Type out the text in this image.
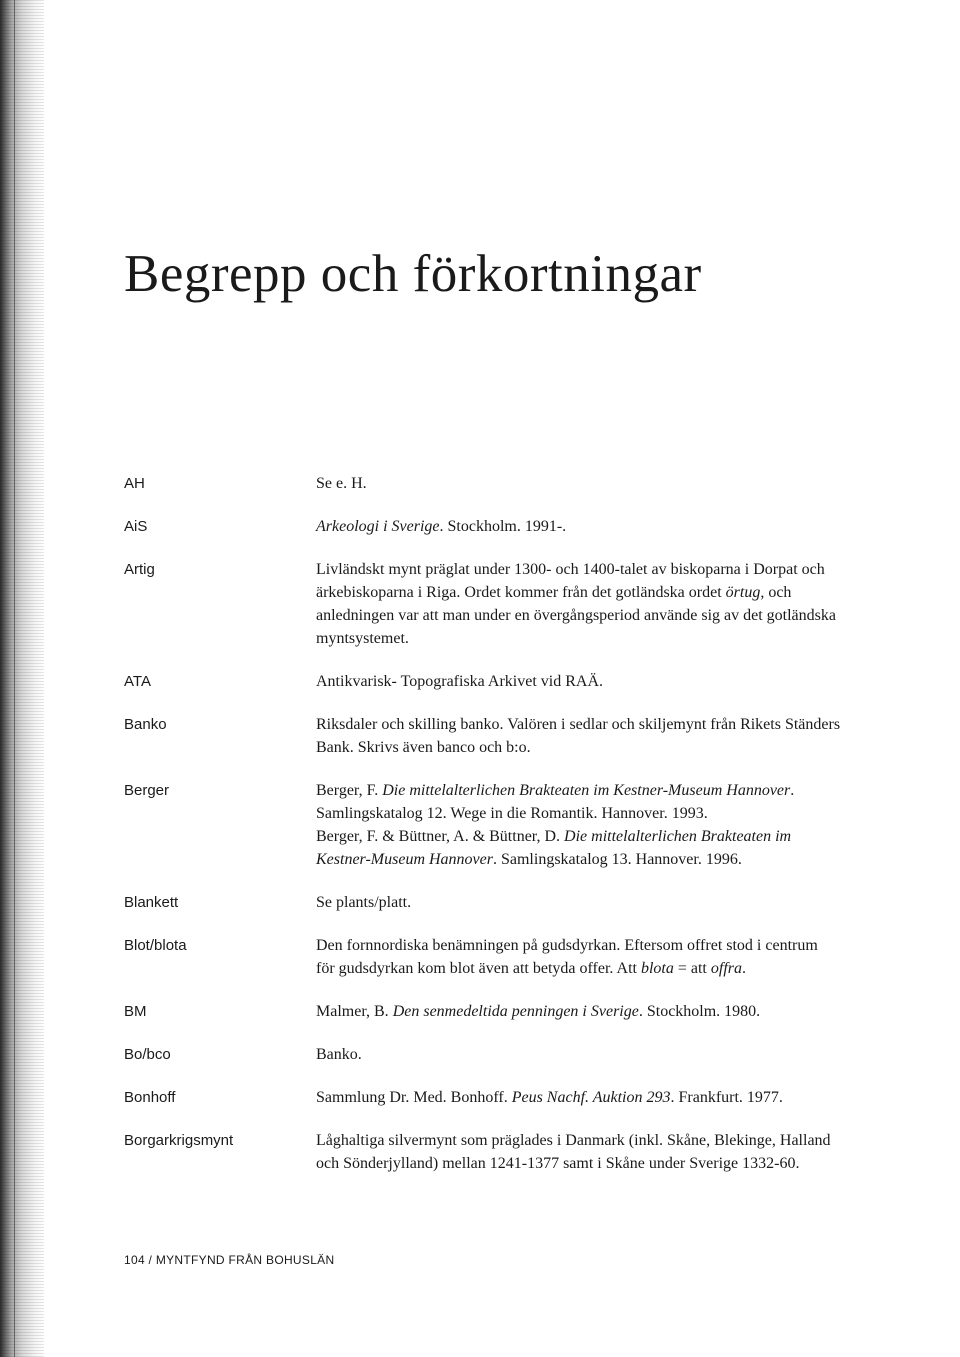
Begrepp och förkortningar
AH	Se e. H.
AiS	Arkeologi i Sverige. Stockholm. 1991-.
Artig	Livländskt mynt präglat under 1300- och 1400-talet av biskoparna i Dorpat och
ärkebiskoparna i Riga. Ordet kommer från det gotländska ordet örtug, och
anledningen var att man under en övergångsperiod använde sig av det gotländska
myntsystemet.
ATA	Antikvarisk- Topografiska Arkivet vid RAÄ.
Banko	Riksdaler och skilling banko. Valören i sedlar och skiljemynt från Rikets Ständers
Bank. Skrivs även banco och b:o.
Berger	Berger, F. Die mittelalterlichen Brakteaten im Kestner-Museum Hannover.
Samlingskatalog 12. Wege in die Romantik. Hannover. 1993.
Berger, F. & Büttner, A. & Büttner, D. Die mittelalterlichen Brakteaten im
Kestner-Museum Hannover. Samlingskatalog 13. Hannover. 1996.
Blankett	Se plants/platt.
Blot/blota	Den fornnordiska benämningen på gudsdyrkan. Eftersom offret stod i centrum
för gudsdyrkan kom blot även att betyda offer. Att blota = att offra.
BM	Malmer, B. Den senmedeltida penningen i Sverige. Stockholm. 1980.
Bo/bco	Banko.
Bonhoff	Sammlung Dr. Med. Bonhoff. Peus Nachf. Auktion 293. Frankfurt. 1977.
Borgarkrigsmynt	Låghaltiga silvermynt som präglades i Danmark (inkl. Skåne, Blekinge, Halland
och Sönderjylland) mellan 1241-1377 samt i Skåne under Sverige 1332-60.
104 / MYNTFYND FRÅN BOHUSLÄN
